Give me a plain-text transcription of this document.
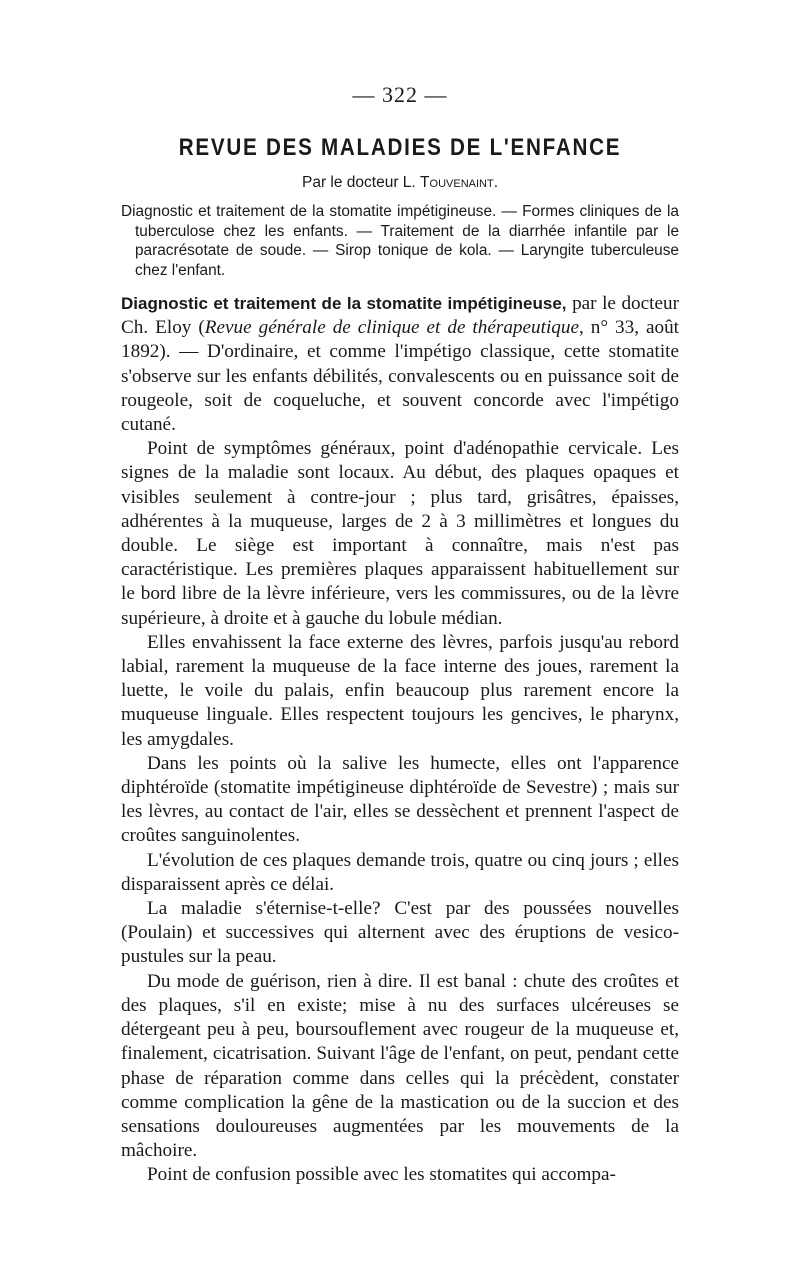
— 322 —
REVUE DES MALADIES DE L'ENFANCE
Par le docteur L. Touvenaint.
Diagnostic et traitement de la stomatite impétigineuse. — Formes cliniques de la tuberculose chez les enfants. — Traitement de la diarrhée infantile par le paracrésotate de soude. — Sirop tonique de kola. — Laryngite tuberculeuse chez l'enfant.

Diagnostic et traitement de la stomatite impétigineuse, par le docteur Ch. Eloy (Revue générale de clinique et de thérapeutique, n° 33, août 1892). — D'ordinaire, et comme l'impétigo classique, cette stomatite s'observe sur les enfants débilités, convalescents ou en puissance soit de rougeole, soit de coqueluche, et souvent concorde avec l'impétigo cutané.

Point de symptômes généraux, point d'adénopathie cervicale. Les signes de la maladie sont locaux. Au début, des plaques opaques et visibles seulement à contre-jour ; plus tard, grisâtres, épaisses, adhérentes à la muqueuse, larges de 2 à 3 millimètres et longues du double. Le siège est important à connaître, mais n'est pas caractéristique. Les premières plaques apparaissent habituellement sur le bord libre de la lèvre inférieure, vers les commissures, ou de la lèvre supérieure, à droite et à gauche du lobule médian.

Elles envahissent la face externe des lèvres, parfois jusqu'au rebord labial, rarement la muqueuse de la face interne des joues, rarement la luette, le voile du palais, enfin beaucoup plus rarement encore la muqueuse linguale. Elles respectent toujours les gencives, le pharynx, les amygdales.

Dans les points où la salive les humecte, elles ont l'apparence diphtéroïde (stomatite impétigineuse diphtéroïde de Sevestre) ; mais sur les lèvres, au contact de l'air, elles se dessèchent et prennent l'aspect de croûtes sanguinolentes.

L'évolution de ces plaques demande trois, quatre ou cinq jours ; elles disparaissent après ce délai.

La maladie s'éternise-t-elle? C'est par des poussées nouvelles (Poulain) et successives qui alternent avec des éruptions de vesico-pustules sur la peau.

Du mode de guérison, rien à dire. Il est banal : chute des croûtes et des plaques, s'il en existe; mise à nu des surfaces ulcéreuses se détergeant peu à peu, boursouflement avec rougeur de la muqueuse et, finalement, cicatrisation. Suivant l'âge de l'enfant, on peut, pendant cette phase de réparation comme dans celles qui la précèdent, constater comme complication la gêne de la mastication ou de la succion et des sensations douloureuses augmentées par les mouvements de la mâchoire.

Point de confusion possible avec les stomatites qui accompa-
